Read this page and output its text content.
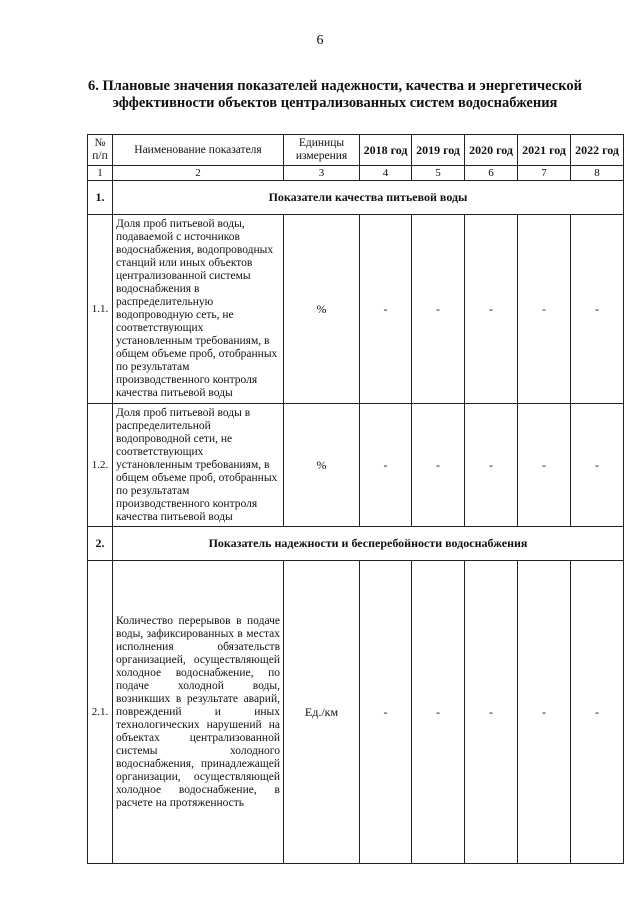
6
6. Плановые значения показателей надежности, качества и энергетической эффективности объектов централизованных систем водоснабжения
№ п/п	Наименование показателя	Единицы измерения	2018 год	2019 год	2020 год	2021 год	2022 год
1	2	3	4	5	6	7	8
1.	Показатели качества питьевой воды						
1.1.	Доля проб питьевой воды, подаваемой с источников водоснабжения, водопроводных станций или иных объектов централизованной системы водоснабжения в распределительную водопроводную сеть, не соответствующих установленным требованиям, в общем объеме проб, отобранных по результатам производственного контроля качества питьевой воды	%	-	-	-	-	-
1.2.	Доля проб питьевой воды в распределительной водопроводной сети, не соответствующих установленным требованиям, в общем объеме проб, отобранных по результатам производственного контроля качества питьевой воды	%	-	-	-	-	-
2.	Показатель надежности и бесперебойности водоснабжения						
2.1.	Количество перерывов в подаче воды, зафиксированных в местах исполнения обязательств организацией, осуществляющей холодное водоснабжение, по подаче холодной воды, возникших в результате аварий, повреждений и иных технологических нарушений на объектах централизованной системы холодного водоснабжения, принадлежащей организации, осуществляющей холодное водоснабжение, в расчете на протяженность	Ед./км	-	-	-	-	-
